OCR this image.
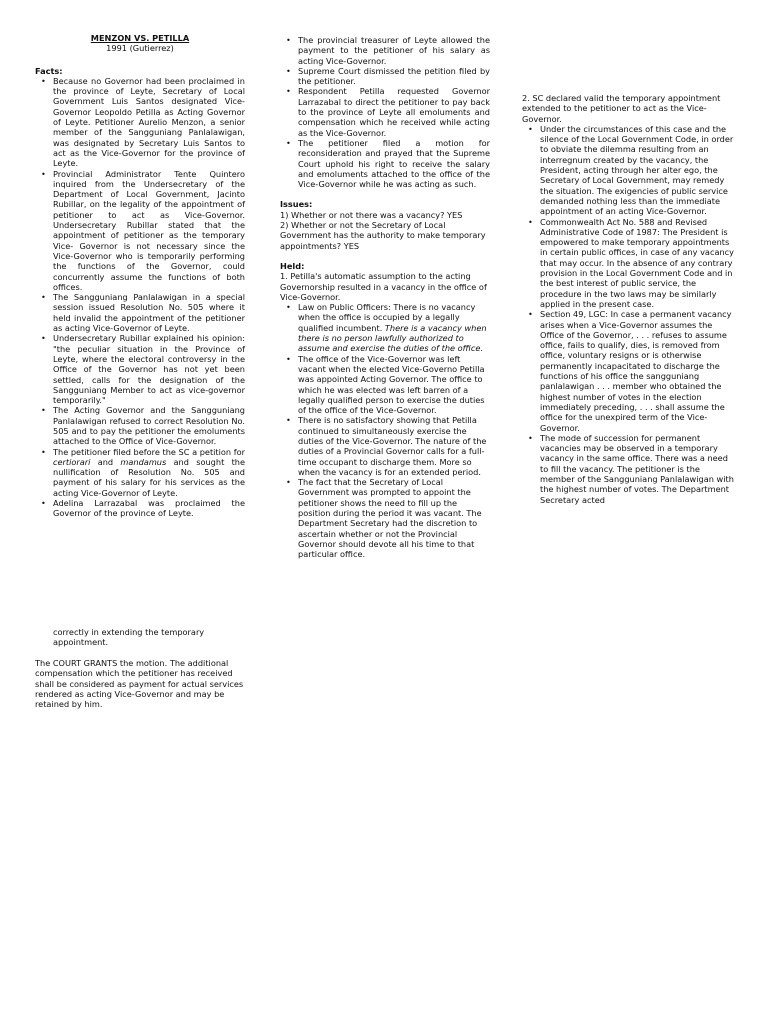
MENZON VS. PETILLA

1991 (Gutierrez)

Facts:

• Because no Governor had been proclaimed in the province of Leyte, Secretary of Local Government Luis Santos designated Vice-Governor Leopoldo Petilla as Acting Governor of Leyte. Petitioner Aurelio Menzon, a senior member of the Sangguniang Panlalawigan, was designated by Secretary Luis Santos to act as the Vice-Governor for the province of Leyte.
• Provincial Administrator Tente Quintero inquired from the Undersecretary of the Department of Local Government, Jacinto Rubillar, on the legality of the appointment of petitioner to act as Vice-Governor. Undersecretary Rubillar stated that the appointment of petitioner as the temporary Vice- Governor is not necessary since the Vice-Governor who is temporarily performing the functions of the Governor, could concurrently assume the functions of both offices.
• The Sangguniang Panlalawigan in a special session issued Resolution No. 505 where it held invalid the appointment of the petitioner as acting Vice-Governor of Leyte.
• Undersecretary Rubillar explained his opinion: "the peculiar situation in the Province of Leyte, where the electoral controversy in the Office of the Governor has not yet been settled, calls for the designation of the Sangguniang Member to act as vice-governor temporarily."
• The Acting Governor and the Sangguniang Panlalawigan refused to correct Resolution No. 505 and to pay the petitioner the emoluments attached to the Office of Vice-Governor.
• The petitioner filed before the SC a petition for certiorari and mandamus and sought the nullification of Resolution No. 505 and payment of his salary for his services as the acting Vice-Governor of Leyte.
• Adelina Larrazabal was proclaimed the Governor of the province of Leyte.

correctly in extending the temporary appointment.

The COURT GRANTS the motion. The additional compensation which the petitioner has received shall be considered as payment for actual services rendered as acting Vice-Governor and may be retained by him.

• The provincial treasurer of Leyte allowed the payment to the petitioner of his salary as acting Vice-Governor.
• Supreme Court dismissed the petition filed by the petitioner.
• Respondent Petilla requested Governor Larrazabal to direct the petitioner to pay back to the province of Leyte all emoluments and compensation which he received while acting as the Vice-Governor.
• The petitioner filed a motion for reconsideration and prayed that the Supreme Court uphold his right to receive the salary and emoluments attached to the office of the Vice-Governor while he was acting as such.

Issues:

1) Whether or not there was a vacancy? YES

2) Whether or not the Secretary of Local Government has the authority to make temporary appointments? YES

Held:

1. Petilla's automatic assumption to the acting Governorship resulted in a vacancy in the office of Vice-Governor.

• Law on Public Officers: There is no vacancy when the office is occupied by a legally qualified incumbent. There is a vacancy when there is no person lawfully authorized to assume and exercise the duties of the office.
• The office of the Vice-Governor was left vacant when the elected Vice-Governo Petilla was appointed Acting Governor. The office to which he was elected was left barren of a legally qualified person to exercise the duties of the office of the Vice-Governor.
• There is no satisfactory showing that Petilla continued to simultaneously exercise the duties of the Vice-Governor. The nature of the duties of a Provincial Governor calls for a full-time occupant to discharge them. More so when the vacancy is for an extended period.
• The fact that the Secretary of Local Government was prompted to appoint the petitioner shows the need to fill up the position during the period it was vacant. The Department Secretary had the discretion to ascertain whether or not the Provincial Governor should devote all his time to that particular office.

2. SC declared valid the temporary appointment extended to the petitioner to act as the Vice-Governor.

• Under the circumstances of this case and the silence of the Local Government Code, in order to obviate the dilemma resulting from an interregnum created by the vacancy, the President, acting through her alter ego, the Secretary of Local Government, may remedy the situation. The exigencies of public service demanded nothing less than the immediate appointment of an acting Vice-Governor.
• Commonwealth Act No. 588 and Revised Administrative Code of 1987: The President is empowered to make temporary appointments in certain public offices, in case of any vacancy that may occur. In the absence of any contrary provision in the Local Government Code and in the best interest of public service, the procedure in the two laws may be similarly applied in the present case.
• Section 49, LGC: In case a permanent vacancy arises when a Vice-Governor assumes the Office of the Governor, . . . refuses to assume office, fails to qualify, dies, is removed from office, voluntary resigns or is otherwise permanently incapacitated to discharge the functions of his office the sangguniang panlalawigan . . . member who obtained the highest number of votes in the election immediately preceding, . . . shall assume the office for the unexpired term of the Vice-Governor.
• The mode of succession for permanent vacancies may be observed in a temporary vacancy in the same office. There was a need to fill the vacancy. The petitioner is the member of the Sangguniang Panlalawigan with the highest number of votes. The Department Secretary acted
